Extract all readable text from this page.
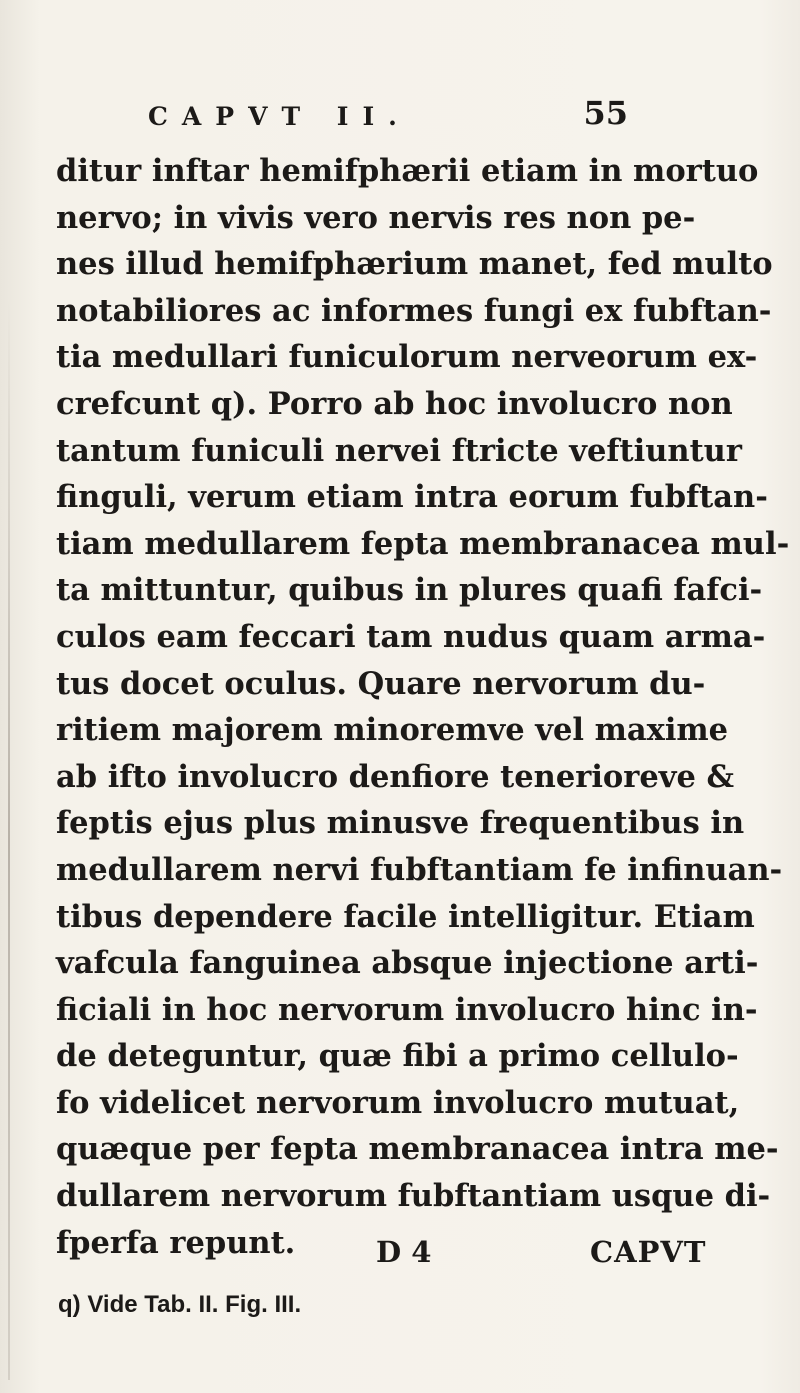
CAPVT II.	55
ditur inftar hemifphærii etiam in mortuo
nervo; in vivis vero nervis res non pe-
nes illud hemifphærium manet, fed multo
notabiliores ac informes fungi ex fubftan-
tia medullari funiculorum nerveorum ex-
crefcunt q). Porro ab hoc involucro non
tantum funiculi nervei ftricte veftiuntur
finguli, verum etiam intra eorum fubftan-
tiam medullarem fepta membranacea mul-
ta mittuntur, quibus in plures quafi fafci-
culos eam feccari tam nudus quam arma-
tus docet oculus. Quare nervorum du-
ritiem majorem minoremve vel maxime
ab ifto involucro denfiore teneriorevе &
feptis ejus plus minusve frequentibus in
medullarem nervi fubftantiam fe infinuan-
tibus dependere facile intelligitur. Etiam
vafcula fanguinea absque injectione arti-
ficiali in hoc nervorum involucro hinc in-
de deteguntur, quæ fibi a primo cellulo-
fo videlicet nervorum involucro mutuat,
quæque per fepta membranacea intra me-
dullarem nervorum fubftantiam usque di-
fperfa repunt.	D 4	CAPVT
q) Vide Tab. II. Fig. III.
